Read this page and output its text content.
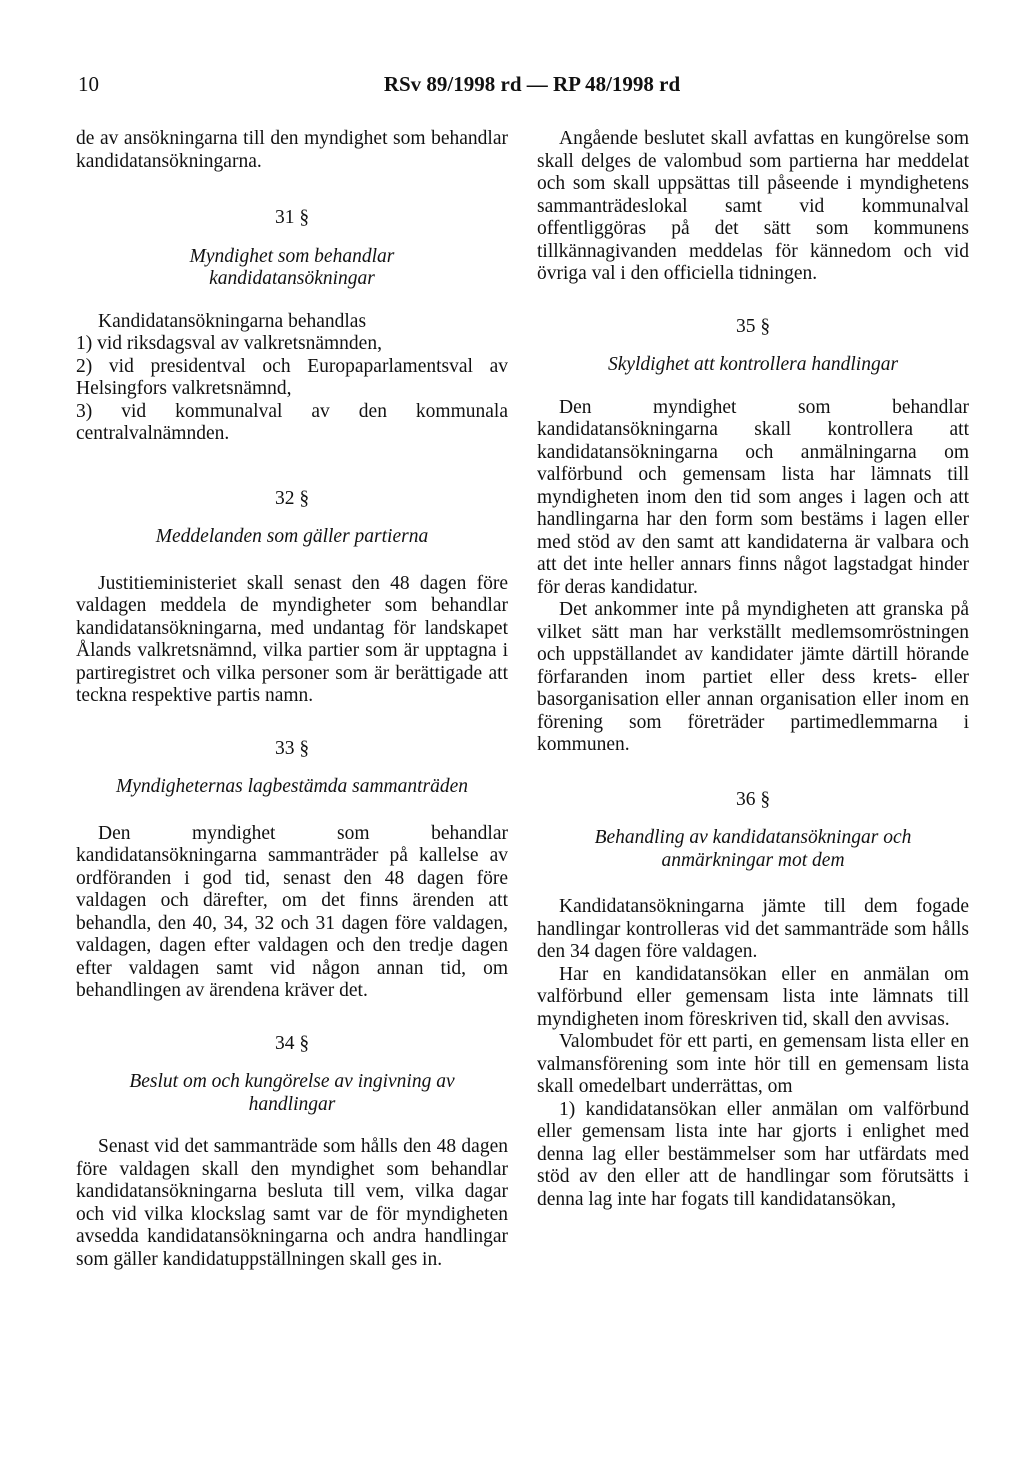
10	RSv 89/1998 rd — RP 48/1998 rd

de av ansökningarna till den myndighet som behandlar kandidatansökningarna.

31 §
Myndighet som behandlar kandidatansökningar

Kandidatansökningarna behandlas

1) vid riksdagsval av valkretsnämnden,

2) vid presidentval och Europaparlamentsval av Helsingfors valkretsnämnd,

3) vid kommunalval av den kommunala centralvalnämnden.

32 §
Meddelanden som gäller partierna

Justitieministeriet skall senast den 48 dagen före valdagen meddela de myndigheter som behandlar kandidatansökningarna, med undantag för landskapet Ålands valkretsnämnd, vilka partier som är upptagna i partiregistret och vilka personer som är berättigade att teckna respektive partis namn.

33 §
Myndigheternas lagbestämda sammanträden

Den myndighet som behandlar kandidatansökningarna sammanträder på kallelse av ordföranden i god tid, senast den 48 dagen före valdagen och därefter, om det finns ärenden att behandla, den 40, 34, 32 och 31 dagen före valdagen, valdagen, dagen efter valdagen och den tredje dagen efter valdagen samt vid någon annan tid, om behandlingen av ärendena kräver det.

34 §
Beslut om och kungörelse av ingivning av handlingar

Senast vid det sammanträde som hålls den 48 dagen före valdagen skall den myndighet som behandlar kandidatansökningarna besluta till vem, vilka dagar och vid vilka klockslag samt var de för myndigheten avsedda kandidatansökningarna och andra handlingar som gäller kandidatuppställningen skall ges in.

Angående beslutet skall avfattas en kungörelse som skall delges de valombud som partierna har meddelat och som skall uppsättas till påseende i myndighetens sammanträdeslokal samt vid kommunalval offentliggöras på det sätt som kommunens tillkännagivanden meddelas för kännedom och vid övriga val i den officiella tidningen.

35 §
Skyldighet att kontrollera handlingar

Den myndighet som behandlar kandidatansökningarna skall kontrollera att kandidatansökningarna och anmälningarna om valförbund och gemensam lista har lämnats till myndigheten inom den tid som anges i lagen och att handlingarna har den form som bestäms i lagen eller med stöd av den samt att kandidaterna är valbara och att det inte heller annars finns något lagstadgat hinder för deras kandidatur.

Det ankommer inte på myndigheten att granska på vilket sätt man har verkställt medlemsomröstningen och uppställandet av kandidater jämte därtill hörande förfaranden inom partiet eller dess krets- eller basorganisation eller annan organisation eller inom en förening som företräder partimedlemmarna i kommunen.

36 §
Behandling av kandidatansökningar och anmärkningar mot dem

Kandidatansökningarna jämte till dem fogade handlingar kontrolleras vid det sammanträde som hålls den 34 dagen före valdagen.

Har en kandidatansökan eller en anmälan om valförbund eller gemensam lista inte lämnats till myndigheten inom föreskriven tid, skall den avvisas.

Valombudet för ett parti, en gemensam lista eller en valmansförening som inte hör till en gemensam lista skall omedelbart underrättas, om

1) kandidatansökan eller anmälan om valförbund eller gemensam lista inte har gjorts i enlighet med denna lag eller bestämmelser som har utfärdats med stöd av den eller att de handlingar som förutsätts i denna lag inte har fogats till kandidatansökan,
